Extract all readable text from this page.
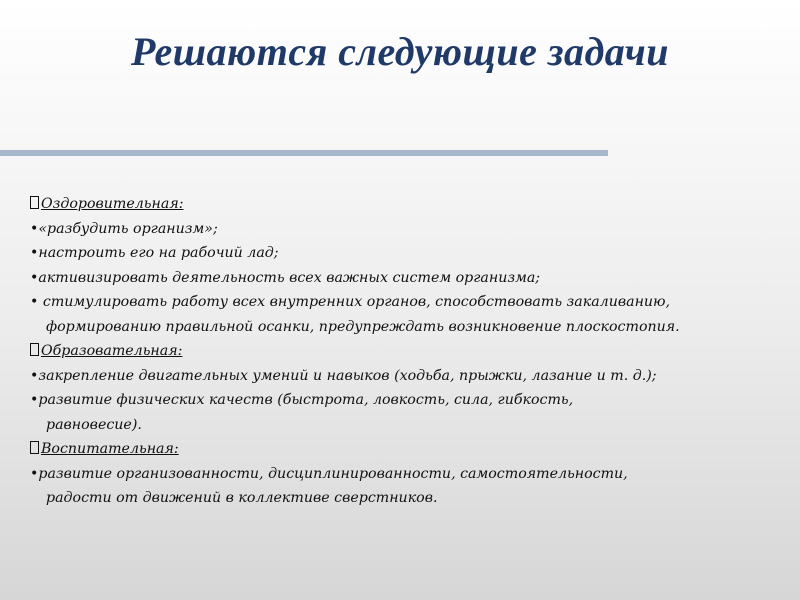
Решаются следующие задачи
Оздоровительная:
•«разбудить организм»;
•настроить его на рабочий лад;
•активизировать деятельность всех важных систем организма;
• стимулировать работу всех внутренних органов, способствовать закаливанию,
формированию правильной осанки, предупреждать возникновение плоскостопия.
Образовательная:
•закрепление двигательных умений и навыков (ходьба, прыжки, лазание и т. д.);
•развитие физических качеств (быстрота, ловкость, сила, гибкость,
равновесие).
Воспитательная:
•развитие организованности, дисциплинированности, самостоятельности,
радости от движений в коллективе сверстников.
